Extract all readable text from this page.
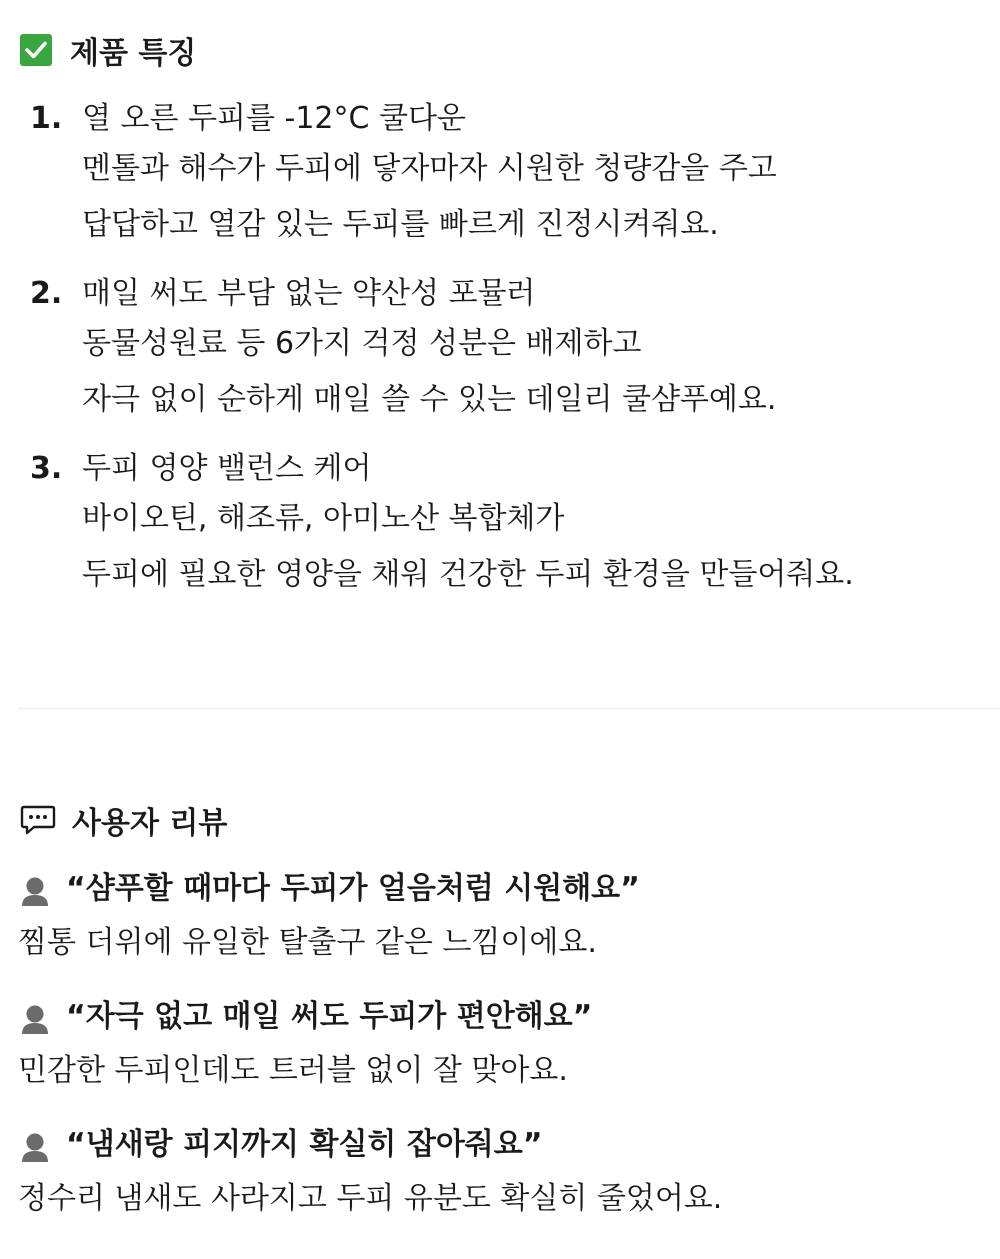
제품 특징
1. 열 오른 두피를 -12°C 쿨다운
멘톨과 해수가 두피에 닿자마자 시원한 청량감을 주고
답답하고 열감 있는 두피를 빠르게 진정시켜줘요.
2. 매일 써도 부담 없는 약산성 포뮬러
동물성원료 등 6가지 걱정 성분은 배제하고
자극 없이 순하게 매일 쓸 수 있는 데일리 쿨샴푸예요.
3. 두피 영양 밸런스 케어
바이오틴, 해조류, 아미노산 복합체가
두피에 필요한 영양을 채워 건강한 두피 환경을 만들어줘요.
사용자 리뷰
“샴푸할 때마다 두피가 얼음처럼 시원해요”
찜통 더위에 유일한 탈출구 같은 느낌이에요.
“자극 없고 매일 써도 두피가 편안해요”
민감한 두피인데도 트러블 없이 잘 맞아요.
“냄새랑 피지까지 확실히 잡아줘요”
정수리 냄새도 사라지고 두피 유분도 확실히 줄었어요.
